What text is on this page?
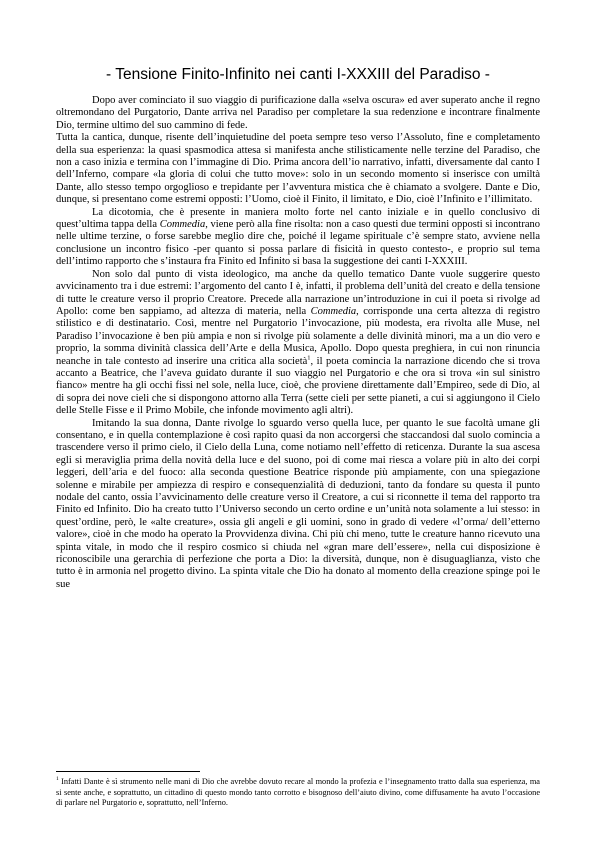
- Tensione Finito-Infinito nei canti I-XXXIII del Paradiso -

Dopo aver cominciato il suo viaggio di purificazione dalla «selva oscura» ed aver superato anche il regno oltremondano del Purgatorio, Dante arriva nel Paradiso per completare la sua redenzione e incontrare finalmente Dio, termine ultimo del suo cammino di fede.

Tutta la cantica, dunque, risente dell’inquietudine del poeta sempre teso verso l’Assoluto, fine e completamento della sua esperienza: la quasi spasmodica attesa si manifesta anche stilisticamente nelle terzine del Paradiso, che non a caso inizia e termina con l’immagine di Dio. Prima ancora dell’io narrativo, infatti, diversamente dal canto I dell’Inferno, compare «la gloria di colui che tutto move»: solo in un secondo momento si inserisce con umiltà Dante, allo stesso tempo orgoglioso e trepidante per l’avventura mistica che è chiamato a svolgere. Dante e Dio, dunque, si presentano come estremi opposti: l’Uomo, cioè il Finito, il limitato, e Dio, cioè l’Infinito e l’illimitato.

La dicotomia, che è presente in maniera molto forte nel canto iniziale e in quello conclusivo di quest’ultima tappa della Commedia, viene però alla fine risolta: non a caso questi due termini opposti si incontrano nelle ultime terzine, o forse sarebbe meglio dire che, poiché il legame spirituale c’è sempre stato, avviene nella conclusione un incontro fisico -per quanto si possa parlare di fisicità in questo contesto-, e proprio sul tema dell’intimo rapporto che s’instaura fra Finito ed Infinito si basa la suggestione dei canti I-XXXIII.

Non solo dal punto di vista ideologico, ma anche da quello tematico Dante vuole suggerire questo avvicinamento tra i due estremi: l’argomento del canto I è, infatti, il problema dell’unità del creato e della tensione di tutte le creature verso il proprio Creatore. Precede alla narrazione un’introduzione in cui il poeta si rivolge ad Apollo: come ben sappiamo, ad altezza di materia, nella Commedia, corrisponde una certa altezza di registro stilistico e di destinatario. Così, mentre nel Purgatorio l’invocazione, più modesta, era rivolta alle Muse, nel Paradiso l’invocazione è ben più ampia e non si rivolge più solamente a delle divinità minori, ma a un dio vero e proprio, la somma divinità classica dell’Arte e della Musica, Apollo. Dopo questa preghiera, in cui non rinuncia neanche in tale contesto ad inserire una critica alla società$^1$, il poeta comincia la narrazione dicendo che si trova accanto a Beatrice, che l’aveva guidato durante il suo viaggio nel Purgatorio e che ora si trova «in sul sinistro fianco» mentre ha gli occhi fissi nel sole, nella luce, cioè, che proviene direttamente dall’Empireo, sede di Dio, al di sopra dei nove cieli che si dispongono attorno alla Terra (sette cieli per sette pianeti, a cui si aggiungono il Cielo delle Stelle Fisse e il Primo Mobile, che infonde movimento agli altri).

Imitando la sua donna, Dante rivolge lo sguardo verso quella luce, per quanto le sue facoltà umane gli consentano, e in quella contemplazione è così rapito quasi da non accorgersi che staccandosi dal suolo comincia a trascendere verso il primo cielo, il Cielo della Luna, come notiamo nell’effetto di reticenza. Durante la sua ascesa egli si meraviglia prima della novità della luce e del suono, poi di come mai riesca a volare più in alto dei corpi leggeri, dell’aria e del fuoco: alla seconda questione Beatrice risponde più ampiamente, con una spiegazione solenne e mirabile per ampiezza di respiro e consequenzialità di deduzioni, tanto da fondare su questa il punto nodale del canto, ossia l’avvicinamento delle creature verso il Creatore, a cui si riconnette il tema del rapporto tra Finito ed Infinito. Dio ha creato tutto l’Universo secondo un certo ordine e un’unità nota solamente a lui stesso: in quest’ordine, però, le «alte creature», ossia gli angeli e gli uomini, sono in grado di vedere «l’orma/ dell’etterno valore», cioè in che modo ha operato la Provvidenza divina. Chi più chi meno, tutte le creature hanno ricevuto una spinta vitale, in modo che il respiro cosmico si chiuda nel «gran mare dell’essere», nella cui disposizione è riconoscibile una gerarchia di perfezione che porta a Dio: la diversità, dunque, non è disuguaglianza, visto che tutto è in armonia nel progetto divino. La spinta vitale che Dio ha donato al momento della creazione spinge poi le sue

$^1$ Infatti Dante è sì strumento nelle mani di Dio che avrebbe dovuto recare al mondo la profezia e l’insegnamento tratto dalla sua esperienza, ma si sente anche, e soprattutto, un cittadino di questo mondo tanto corrotto e bisognoso dell’aiuto divino, come diffusamente ha avuto l’occasione di parlare nel Purgatorio e, soprattutto, nell’Inferno.
